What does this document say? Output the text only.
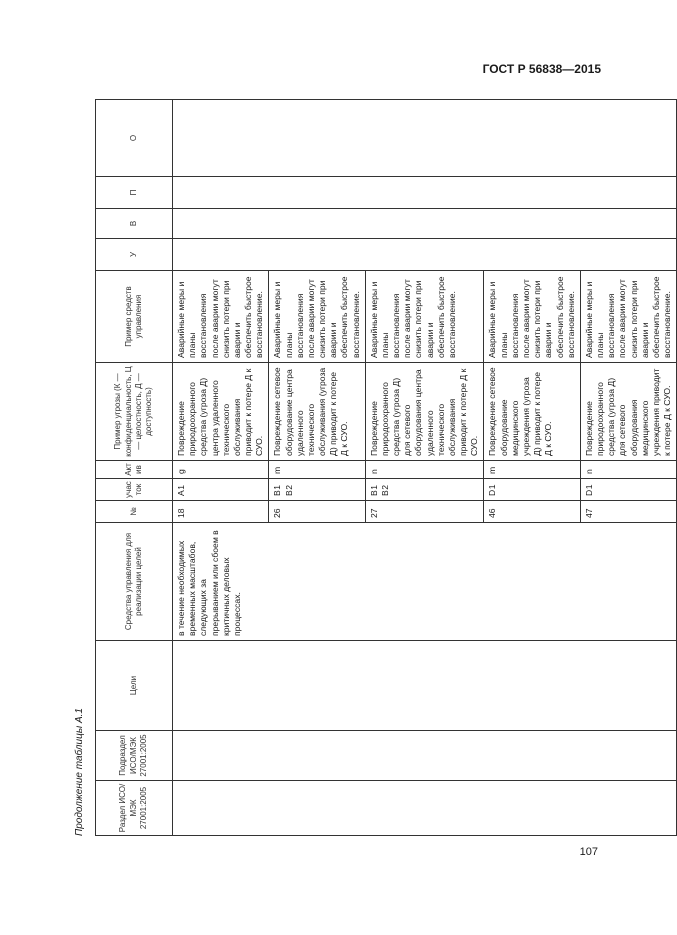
ГОСТ Р 56838—2015
Продолжение таблицы А.1	Раздел ИСО/МЭК 27001:2005	Подраздел ИСО/МЭК 27001:2005	Цели	Средства управления для реализации целей	№	участок	Актив	Пример угрозы (К — конфиденциальность, Ц — целостность, Д — доступность)	Пример средств управления	У	В	П	О
			в течение необходимых временных масштабов, следующих за прерыванием или сбоем в критичных деловых процессах.	18	A1	g	Повреждение природоохранного средства (угроза Д) центра удаленного технического обслуживания приводит к потере Д к СУО.	Аварийные меры и планы восстановления после аварии могут снизить потери при аварии и обеспечить быстрое восстановление.				
				26	B1 B2	m	Повреждение сетевое оборудование центра удаленного технического обслуживания (угроза Д) приводит к потере Д к СУО.	Аварийные меры и планы восстановления после аварии могут снизить потери при аварии и обеспечить быстрое восстановление.				
				27	B1 B2	n	Повреждение природоохранного средства (угроза Д) для сетевого оборудования центра удаленного технического обслуживания приводит к потере Д к СУО.	Аварийные меры и планы восстановления после аварии могут снизить потери при аварии и обеспечить быстрое восстановление.				
				46	D1	m	Повреждение сетевое оборудование медицинского учреждения (угроза Д) приводит к потере Д к СУО.	Аварийные меры и планы восстановления после аварии могут снизить потери при аварии и обеспечить быстрое восстановление.				
				47	D1	n	Повреждение природоохранного средства (угроза Д) для сетевого оборудования медицинского учреждения приводит к потере Д к СУО.	Аварийные меры и планы восстановления после аварии могут снизить потери при аварии и обеспечить быстрое восстановление.				
107
